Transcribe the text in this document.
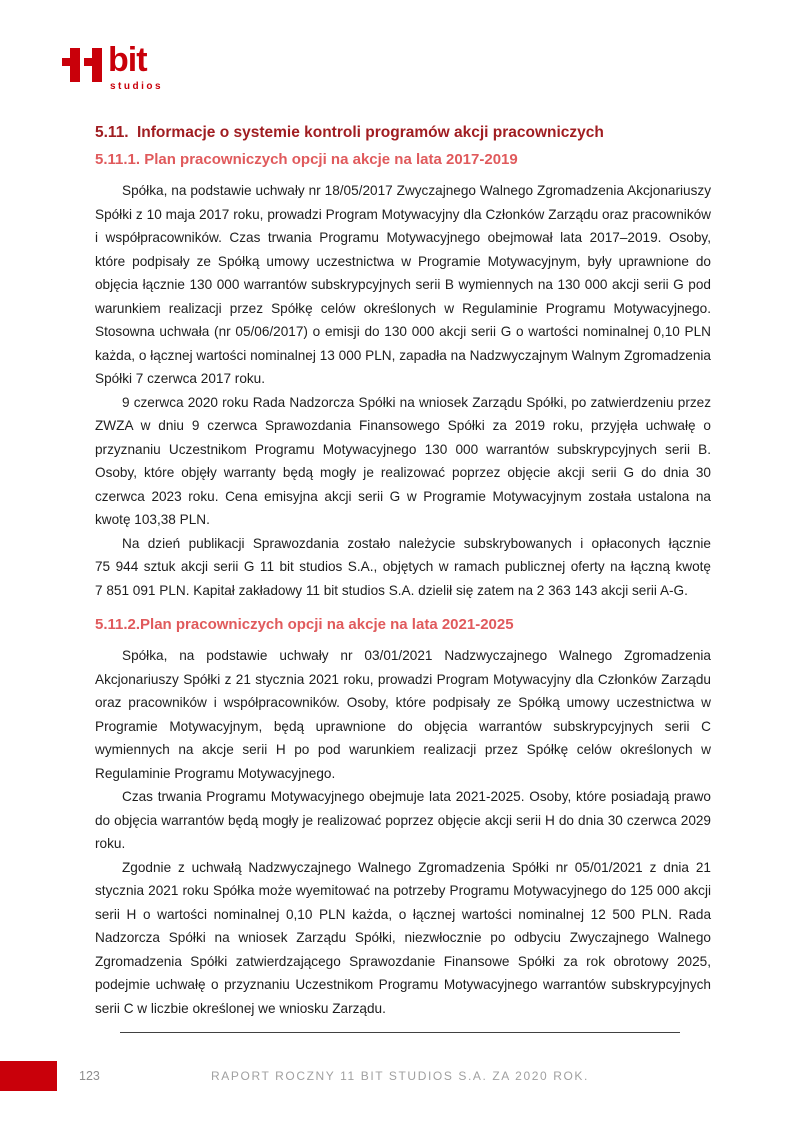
bit
studios
5.11. Informacje o systemie kontroli programów akcji pracowniczych
5.11.1. Plan pracowniczych opcji na akcje na lata 2017-2019

Spółka, na podstawie uchwały nr 18/05/2017 Zwyczajnego Walnego Zgromadzenia Akcjonariuszy Spółki z 10 maja 2017 roku, prowadzi Program Motywacyjny dla Członków Zarządu oraz pracowników i współpracowników. Czas trwania Programu Motywacyjnego obejmował lata 2017–2019. Osoby, które podpisały ze Spółką umowy uczestnictwa w Programie Motywacyjnym, były uprawnione do objęcia łącznie 130 000 warrantów subskrypcyjnych serii B wymiennych na 130 000 akcji serii G pod warunkiem realizacji przez Spółkę celów określonych w Regulaminie Programu Motywacyjnego. Stosowna uchwała (nr 05/06/2017) o emisji do 130 000 akcji serii G o wartości nominalnej 0,10 PLN każda, o łącznej wartości nominalnej 13 000 PLN, zapadła na Nadzwyczajnym Walnym Zgromadzenia Spółki 7 czerwca 2017 roku.

9 czerwca 2020 roku Rada Nadzorcza Spółki na wniosek Zarządu Spółki, po zatwierdzeniu przez ZWZA w dniu 9 czerwca Sprawozdania Finansowego Spółki za 2019 roku, przyjęła uchwałę o przyznaniu Uczestnikom Programu Motywacyjnego 130 000 warrantów subskrypcyjnych serii B. Osoby, które objęły warranty będą mogły je realizować poprzez objęcie akcji serii G do dnia 30 czerwca 2023 roku. Cena emisyjna akcji serii G w Programie Motywacyjnym została ustalona na kwotę 103,38 PLN.

Na dzień publikacji Sprawozdania zostało należycie subskrybowanych i opłaconych łącznie 75 944 sztuk akcji serii G 11 bit studios S.A., objętych w ramach publicznej oferty na łączną kwotę 7 851 091 PLN. Kapitał zakładowy 11 bit studios S.A. dzielił się zatem na 2 363 143 akcji serii A-G.

5.11.2.Plan pracowniczych opcji na akcje na lata 2021-2025

Spółka, na podstawie uchwały nr 03/01/2021 Nadzwyczajnego Walnego Zgromadzenia Akcjonariuszy Spółki z 21 stycznia 2021 roku, prowadzi Program Motywacyjny dla Członków Zarządu oraz pracowników i współpracowników. Osoby, które podpisały ze Spółką umowy uczestnictwa w Programie Motywacyjnym, będą uprawnione do objęcia warrantów subskrypcyjnych serii C wymiennych na akcje serii H po pod warunkiem realizacji przez Spółkę celów określonych w Regulaminie Programu Motywacyjnego.

Czas trwania Programu Motywacyjnego obejmuje lata 2021-2025. Osoby, które posiadają prawo do objęcia warrantów będą mogły je realizować poprzez objęcie akcji serii H do dnia 30 czerwca 2029 roku.

Zgodnie z uchwałą Nadzwyczajnego Walnego Zgromadzenia Spółki nr 05/01/2021 z dnia 21 stycznia 2021 roku Spółka może wyemitować na potrzeby Programu Motywacyjnego do 125 000 akcji serii H o wartości nominalnej 0,10 PLN każda, o łącznej wartości nominalnej 12 500 PLN. Rada Nadzorcza Spółki na wniosek Zarządu Spółki, niezwłocznie po odbyciu Zwyczajnego Walnego Zgromadzenia Spółki zatwierdzającego Sprawozdanie Finansowe Spółki za rok obrotowy 2025, podejmie uchwałę o przyznaniu Uczestnikom Programu Motywacyjnego warrantów subskrypcyjnych serii C w liczbie określonej we wniosku Zarządu.

123	RAPORT ROCZNY 11 BIT STUDIOS S.A. ZA 2020 ROK.
